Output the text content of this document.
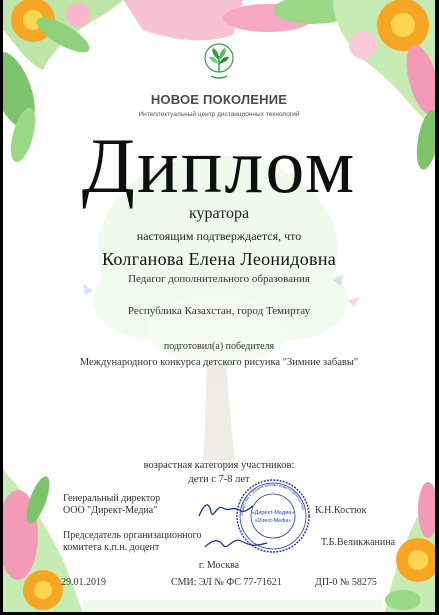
НОВОЕ ПОКОЛЕНИЕ
Интеллектуальный центр дистанционных технологий
Диплом
куратора
настоящим подтверждается, что
Колганова Елена Леонидовна
Педагог дополнительного образования
Республика Казахстан, город Темиртау
подготовил(а) победителя
Международного конкурса детского рисунка "Зимние забавы"
возрастная категория участников:
дети с 7-8 лет
Генеральный директор
ООО "Директ-Медиа"
Председатель организационного
комитета к.п.н. доцент
Общество с ограниченной ответственностью
«Директ-Медиа»
«Direct-Media»
К.Н.Костюк
Т.Б.Великжанина
г. Москва
29.01.2019	СМИ: ЭЛ № ФС 77-71621	ДП-0 № 58275
